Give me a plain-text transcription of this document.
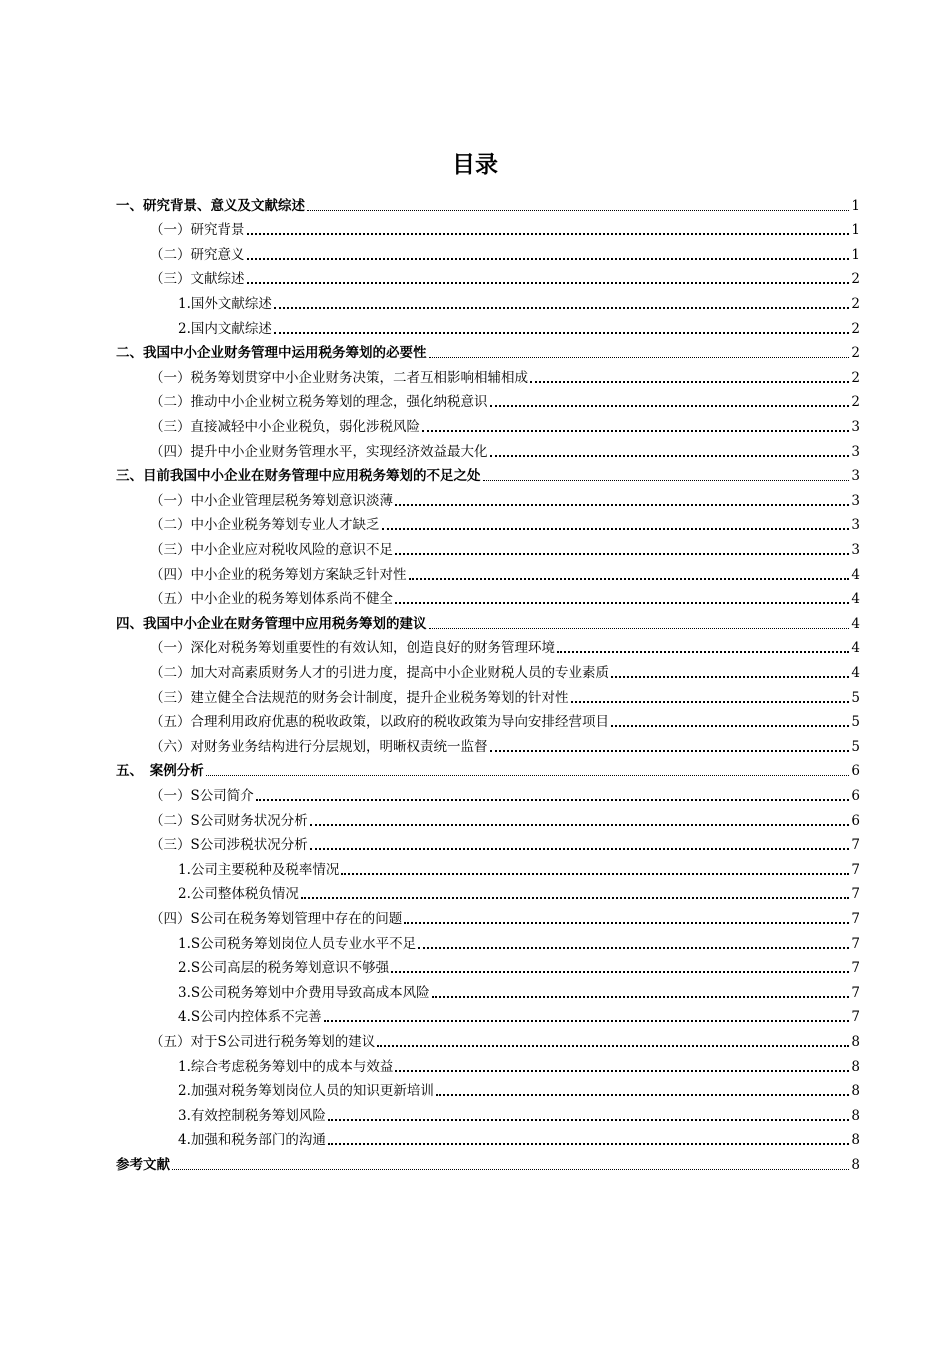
目录
一、研究背景、意义及文献综述	1
（一）研究背景	1
（二）研究意义	1
（三）文献综述	2
1.国外文献综述	2
2.国内文献综述	2
二、我国中小企业财务管理中运用税务筹划的必要性	2
（一）税务筹划贯穿中小企业财务决策，二者互相影响相辅相成	2
（二）推动中小企业树立税务筹划的理念，强化纳税意识	2
（三）直接减轻中小企业税负，弱化涉税风险	3
（四）提升中小企业财务管理水平，实现经济效益最大化	3
三、目前我国中小企业在财务管理中应用税务筹划的不足之处	3
（一）中小企业管理层税务筹划意识淡薄	3
（二）中小企业税务筹划专业人才缺乏	3
（三）中小企业应对税收风险的意识不足	3
（四）中小企业的税务筹划方案缺乏针对性	4
（五）中小企业的税务筹划体系尚不健全	4
四、我国中小企业在财务管理中应用税务筹划的建议	4
（一）深化对税务筹划重要性的有效认知，创造良好的财务管理环境	4
（二）加大对高素质财务人才的引进力度，提高中小企业财税人员的专业素质	4
（三）建立健全合法规范的财务会计制度，提升企业税务筹划的针对性	5
（五）合理利用政府优惠的税收政策，以政府的税收政策为导向安排经营项目	5
（六）对财务业务结构进行分层规划，明晰权责统一监督	5
五、　案例分析	6
（一）S公司简介	6
（二）S公司财务状况分析	6
（三）S公司涉税状况分析	7
1.公司主要税种及税率情况	7
2.公司整体税负情况	7
（四）S公司在税务筹划管理中存在的问题	7
1.S公司税务筹划岗位人员专业水平不足	7
2.S公司高层的税务筹划意识不够强	7
3.S公司税务筹划中介费用导致高成本风险	7
4.S公司内控体系不完善	7
（五）对于S公司进行税务筹划的建议	8
1.综合考虑税务筹划中的成本与效益	8
2.加强对税务筹划岗位人员的知识更新培训	8
3.有效控制税务筹划风险	8
4.加强和税务部门的沟通	8
参考文献	8
